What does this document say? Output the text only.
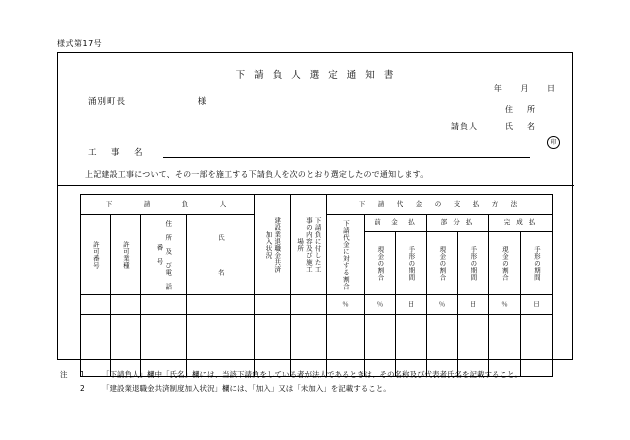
様式第17号
下 請 負 人 選 定 通 知 書
年 月 日
涌別町長	様
請負人
住　所
氏　名
印
工　事　名
上記建設工事について、その一部を施工する下請負人を次のとおり選定したので通知します。
下　　　請　　　負　　　人				建設業退職金共済加入状況	下請負に付した工事の内容及び施工場所	下　請　代　金　の　支　払　方　法						

許可番号	許可業種	住　所　及　び電　話　番　号	氏　　　　名			下請代金に対する割合	前　金　払		部 分 払		完 成 払	

							現金の割合	手形の期間	現金の割合	手形の期間	現金の割合	手形の期間

						％	％	日	％	日	％	日

注	1	「下請負人」欄中「氏名」欄には、当該下請負をしている者が法人であるときは、その名称及び代表者氏名を記載すること。
2	「建設業退職金共済制度加入状況」欄には、「加入」又は「未加入」を記載すること。
